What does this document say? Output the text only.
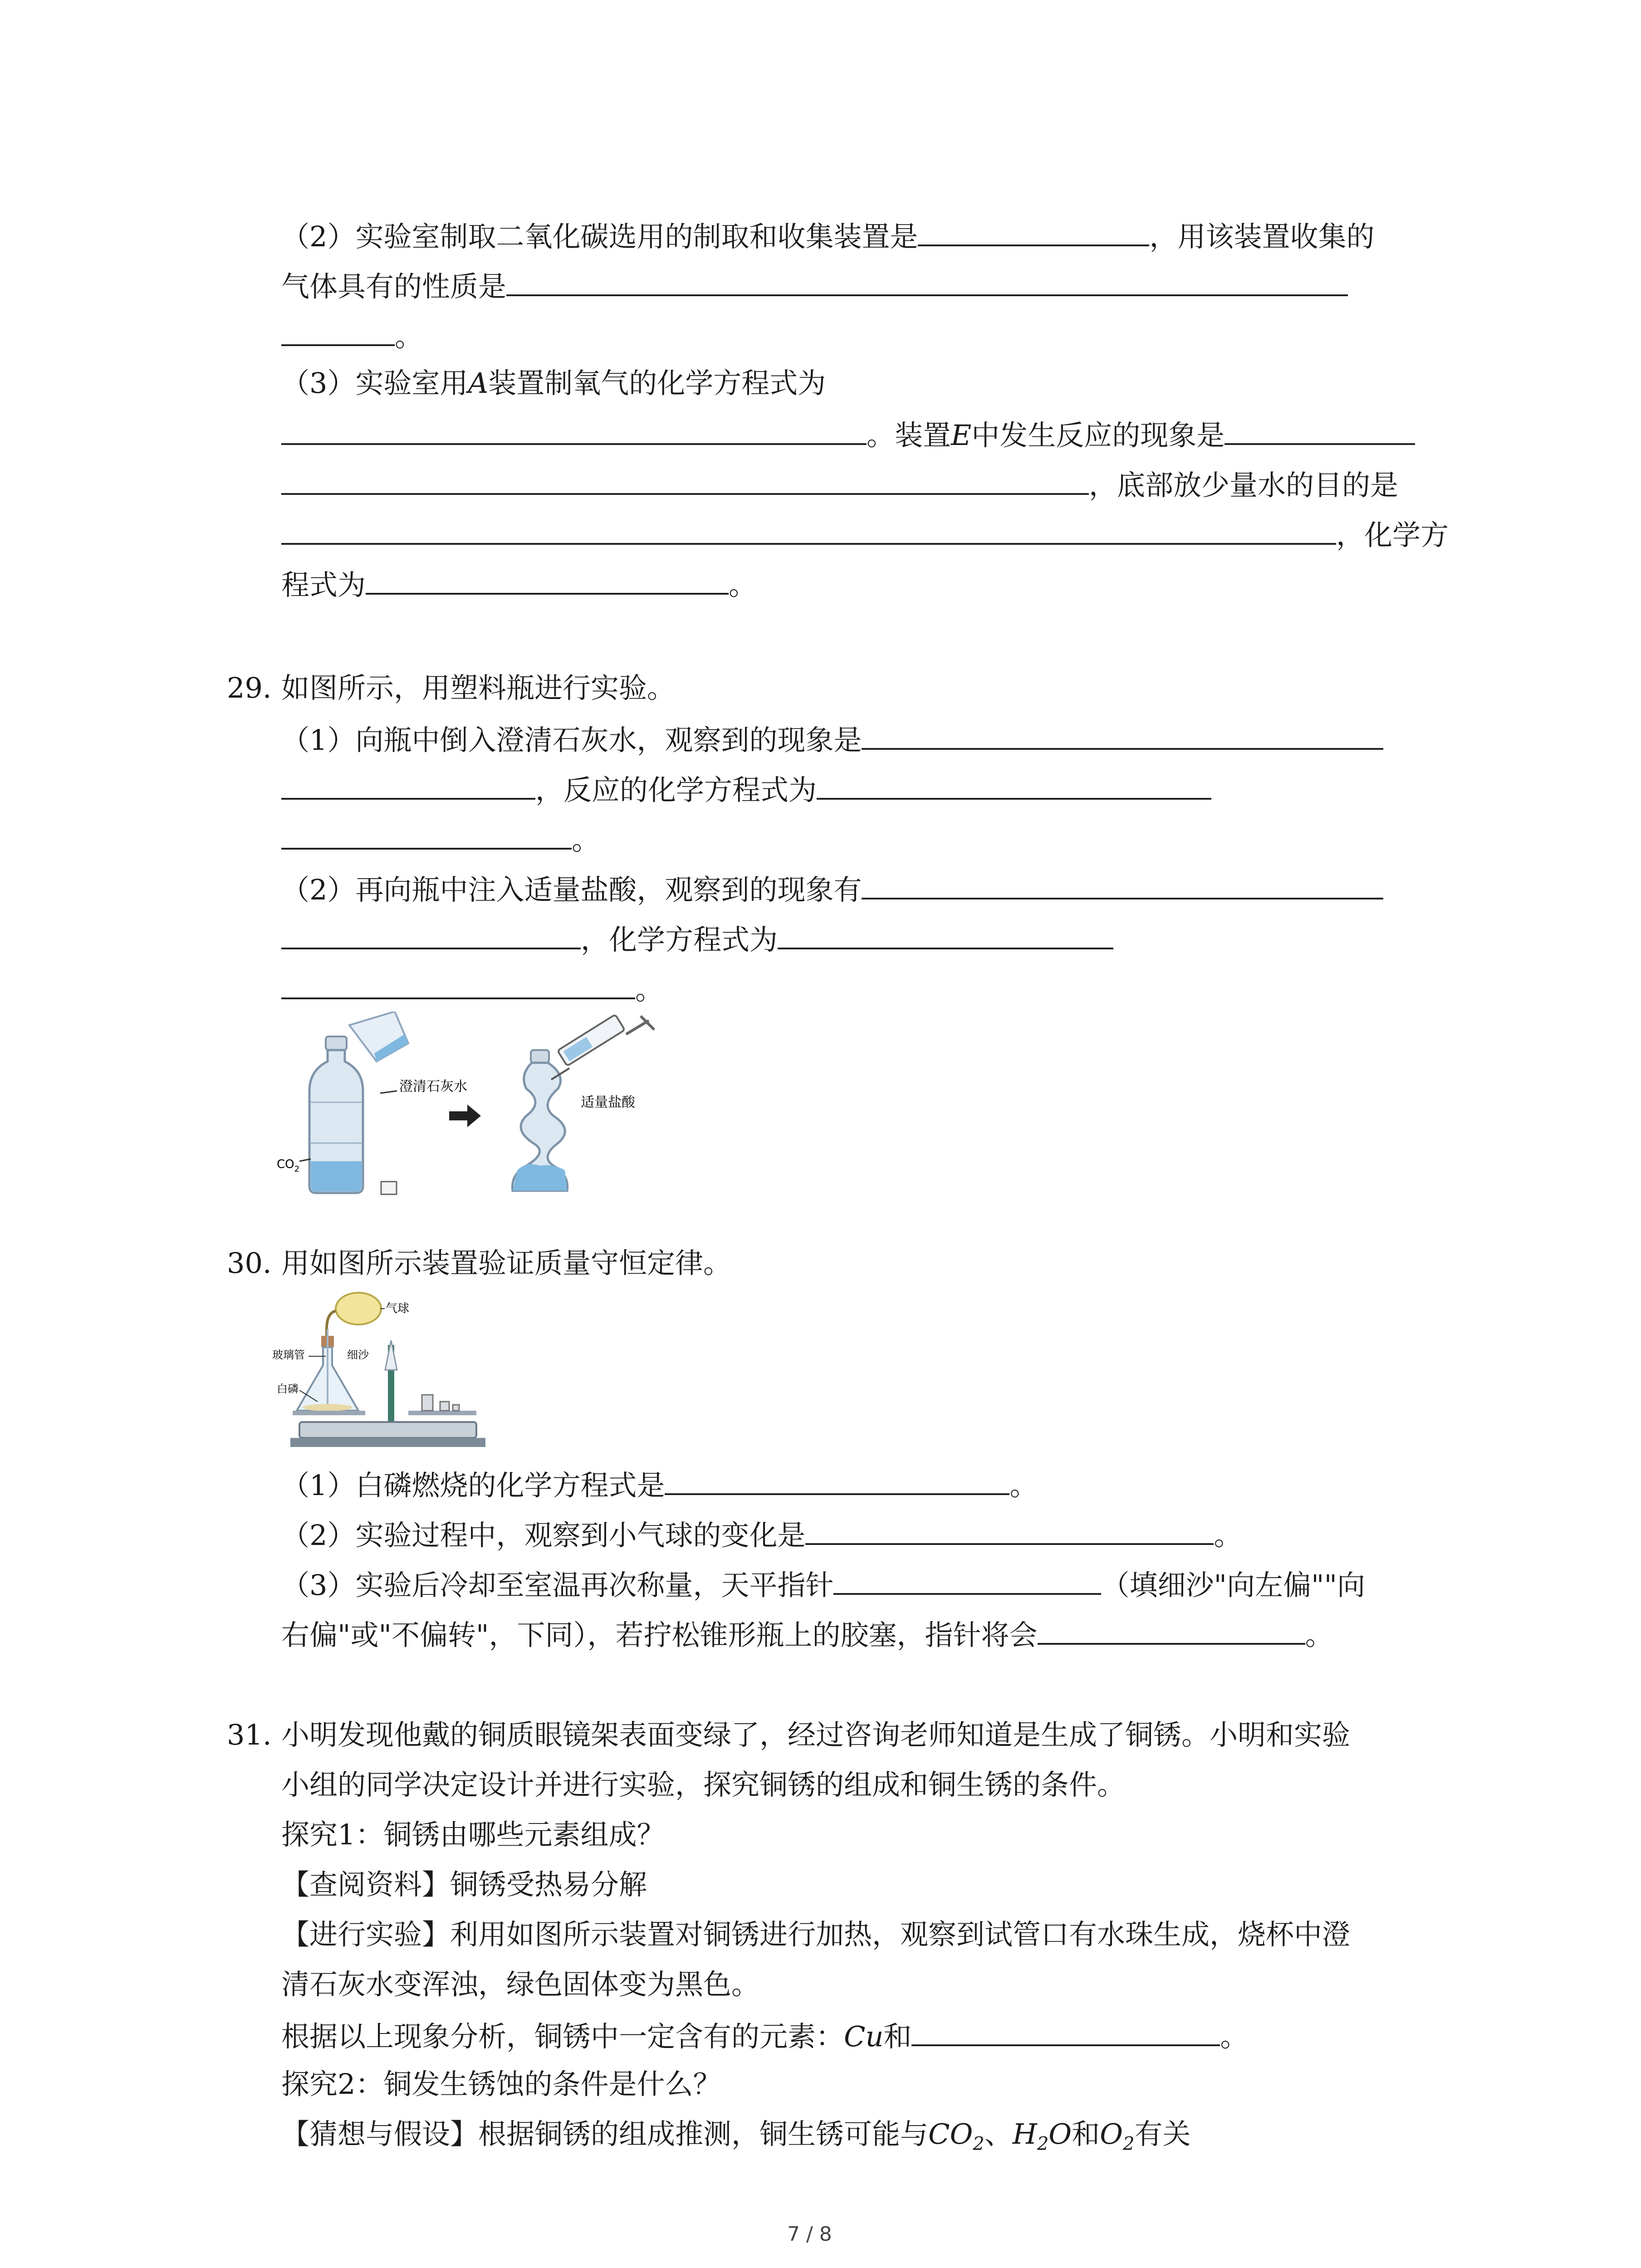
（2）实验室制取二氧化碳选用的制取和收集装置是	，用该装置收集的
气体具有的性质是
。
（3）实验室用A装置制氧气的化学方程式为
。装置E中发生反应的现象是
，底部放少量水的目的是
，化学方
程式为	。
29. 如图所示，用塑料瓶进行实验。
（1）向瓶中倒入澄清石灰水，观察到的现象是
，反应的化学方程式为
。
（2）再向瓶中注入适量盐酸，观察到的现象有
，化学方程式为
。
澄清石灰水
$CO_2$
适量盐酸
30. 用如图所示装置验证质量守恒定律。
气球
玻璃管	细沙
白磷
（1）白磷燃烧的化学方程式是	。
（2）实验过程中，观察到小气球的变化是	。
（3）实验后冷却至室温再次称量，天平指针	（填细沙"向左偏""向
右偏"或"不偏转"，下同），若拧松锥形瓶上的胶塞，指针将会	。
31. 小明发现他戴的铜质眼镜架表面变绿了，经过咨询老师知道是生成了铜锈。小明和实验
小组的同学决定设计并进行实验，探究铜锈的组成和铜生锈的条件。
探究1：铜锈由哪些元素组成？
【查阅资料】铜锈受热易分解
【进行实验】利用如图所示装置对铜锈进行加热，观察到试管口有水珠生成，烧杯中澄
清石灰水变浑浊，绿色固体变为黑色。
根据以上现象分析，铜锈中一定含有的元素：Cu和	。
探究2：铜发生锈蚀的条件是什么？
【猜想与假设】根据铜锈的组成推测，铜生锈可能与$CO_2$、$H_2O$和$O_2$有关
7 / 8
